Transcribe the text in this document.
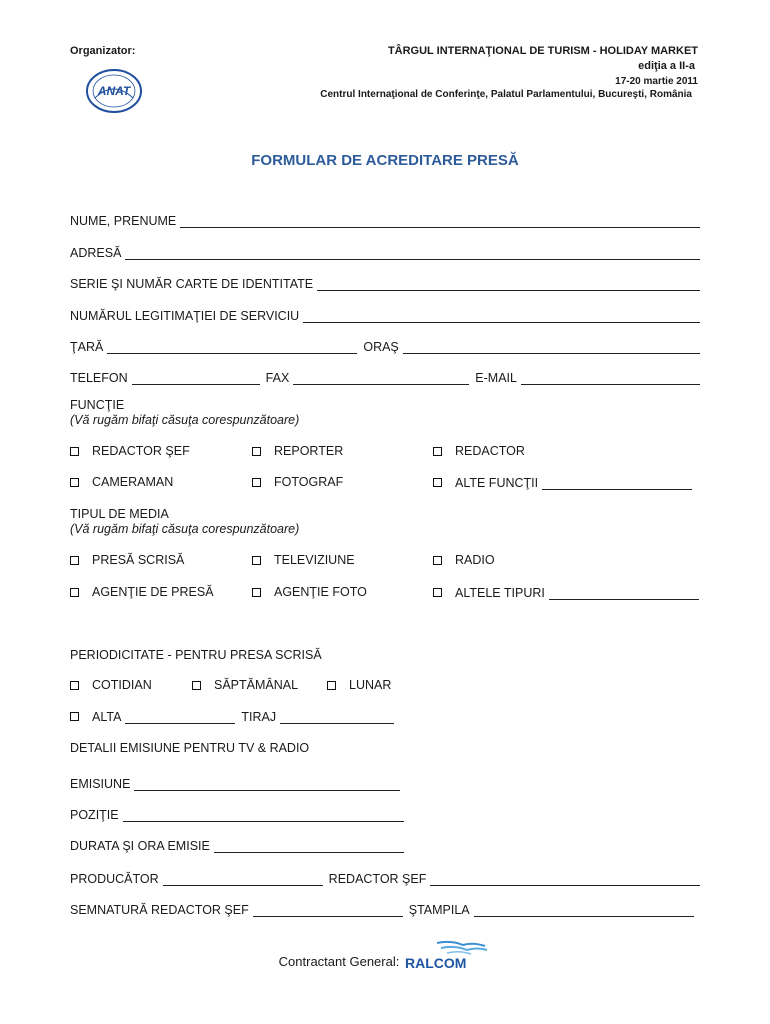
Organizator:	TÂRGUL INTERNAŢIONAL DE TURISM - HOLIDAY MARKET
ediţia a II-a
17-20 martie 2011
Centrul Internaţional de Conferinţe, Palatul Parlamentului, Bucureşti, România
ANAT
FORMULAR DE ACREDITARE PRESĂ
NUME, PRENUME
ADRESĂ
SERIE ŞI NUMĂR CARTE DE IDENTITATE
NUMĂRUL LEGITIMAŢIEI DE SERVICIU
ŢARĂ	ORAŞ
TELEFON	FAX	E-MAIL
FUNCŢIE
(Vă rugăm bifaţi căsuţa corespunzătoare)
REDACTOR ŞEF	REPORTER	REDACTOR
CAMERAMAN	FOTOGRAF	ALTE FUNCŢII
TIPUL DE MEDIA
(Vă rugăm bifaţi căsuţa corespunzătoare)
PRESĂ SCRISĂ	TELEVIZIUNE	RADIO
AGENŢIE DE PRESĂ	AGENŢIE FOTO	ALTELE TIPURI
PERIODICITATE - PENTRU PRESA SCRISĂ
COTIDIAN	SĂPTĂMÂNAL	LUNAR
ALTA	TIRAJ
DETALII EMISIUNE PENTRU TV & RADIO
EMISIUNE
POZIŢIE
DURATA ŞI ORA EMISIE
PRODUCĂTOR	REDACTOR ŞEF
SEMNATURĂ REDACTOR ŞEF	ŞTAMPILA
Contractant General: RALCOM
